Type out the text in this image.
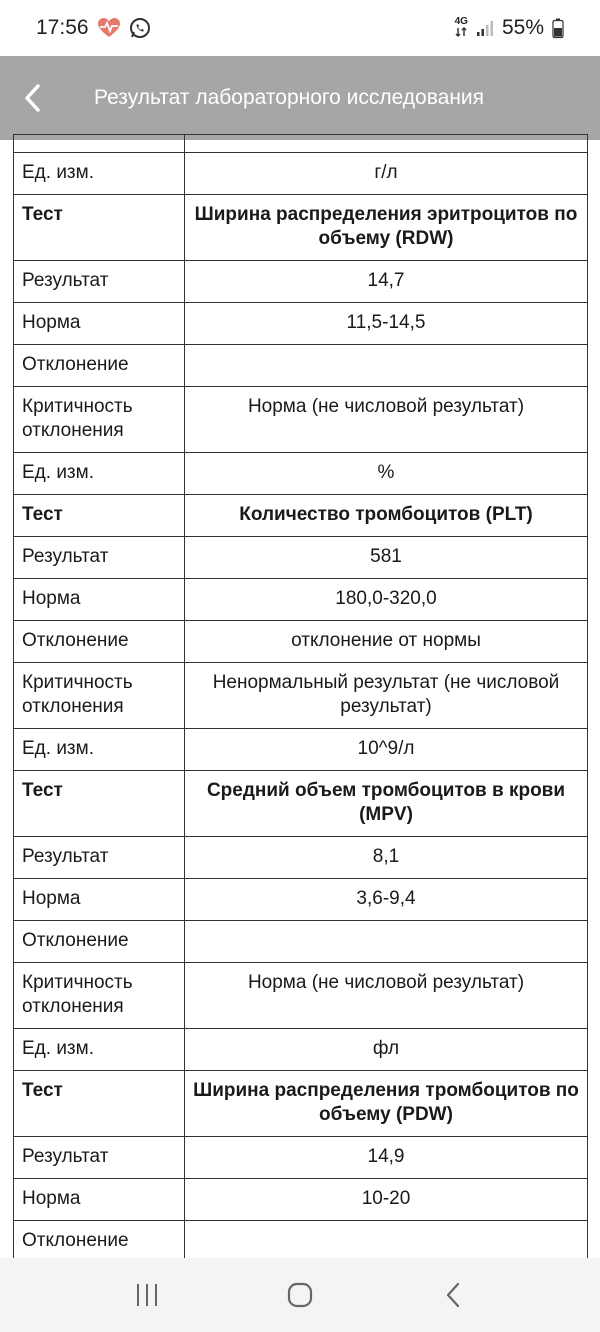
17:56	4G 55%
Результат лабораторного исследования

Ед. изм.	г/л
Тест	Ширина распределения эритроцитов по объему (RDW)
Результат	14,7
Норма	11,5-14,5
Отклонение	
Критичность отклонения	Норма (не числовой результат)
Ед. изм.	%
Тест	Количество тромбоцитов (PLT)
Результат	581
Норма	180,0-320,0
Отклонение	отклонение от нормы
Критичность отклонения	Ненормальный результат (не числовой результат)
Ед. изм.	10^9/л
Тест	Средний объем тромбоцитов в крови (MPV)
Результат	8,1
Норма	3,6-9,4
Отклонение	
Критичность отклонения	Норма (не числовой результат)
Ед. изм.	фл
Тест	Ширина распределения тромбоцитов по объему (PDW)
Результат	14,9
Норма	10-20
Отклонение	
